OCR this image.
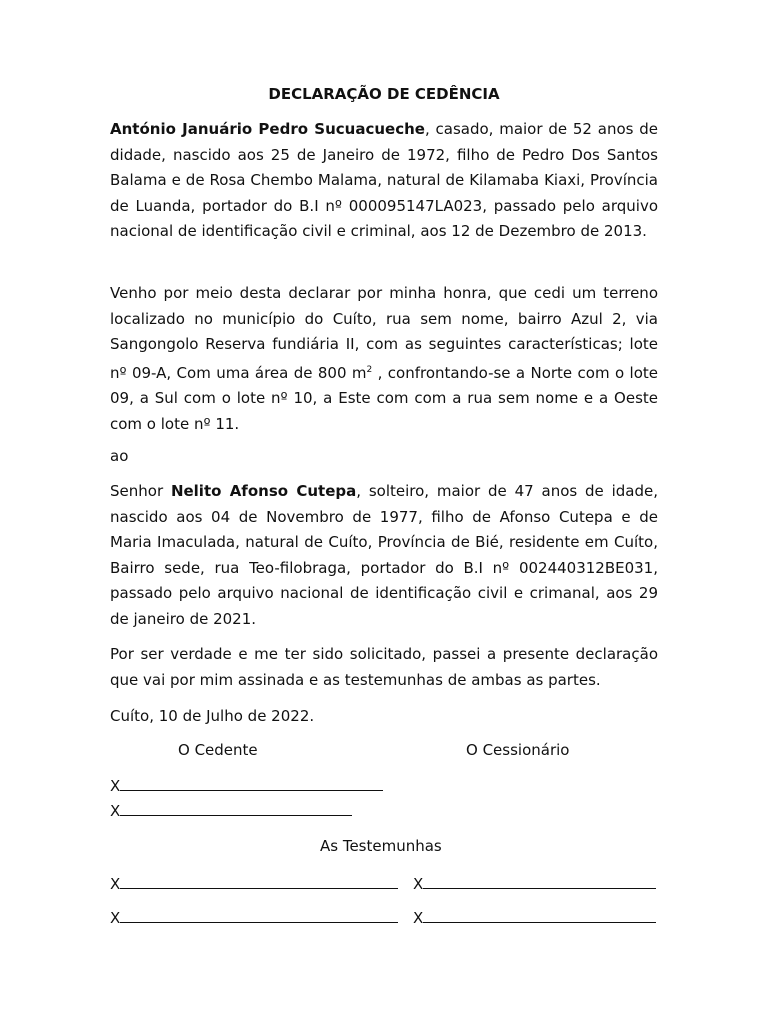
DECLARAÇÃO DE CEDÊNCIA

António Januário Pedro Sucuacueche, casado, maior de 52 anos de didade, nascido aos 25 de Janeiro de 1972, filho de Pedro Dos Santos Balama e de Rosa Chembo Malama, natural de Kilamaba Kiaxi, Província de Luanda, portador do B.I nº 000095147LA023, passado pelo arquivo nacional de identificação civil e criminal, aos 12 de Dezembro de 2013.

Venho por meio desta declarar por minha honra, que cedi um terreno localizado no município do Cuíto, rua sem nome, bairro Azul 2, via Sangongolo Reserva fundiária II, com as seguintes características; lote nº 09-A, Com uma área de 800 $m^2$ , confrontando-se a Norte com o lote 09, a Sul com o lote nº 10, a Este com com a rua sem nome e a Oeste com o lote nº 11.

ao

Senhor Nelito Afonso Cutepa, solteiro, maior de 47 anos de idade, nascido aos 04 de Novembro de 1977, filho de Afonso Cutepa e de Maria Imaculada, natural de Cuíto, Província de Bié, residente em Cuíto, Bairro sede, rua Teo-filobraga, portador do B.I nº 002440312BE031, passado pelo arquivo nacional de identificação civil e crimanal, aos 29 de janeiro de 2021.

Por ser verdade e me ter sido solicitado, passei a presente declaração que vai por mim assinada e as testemunhas de ambas as partes.

Cuíto, 10 de Julho de 2022.
O Cedente	O Cessionário
X
X
As Testemunhas
X	X
X	X
